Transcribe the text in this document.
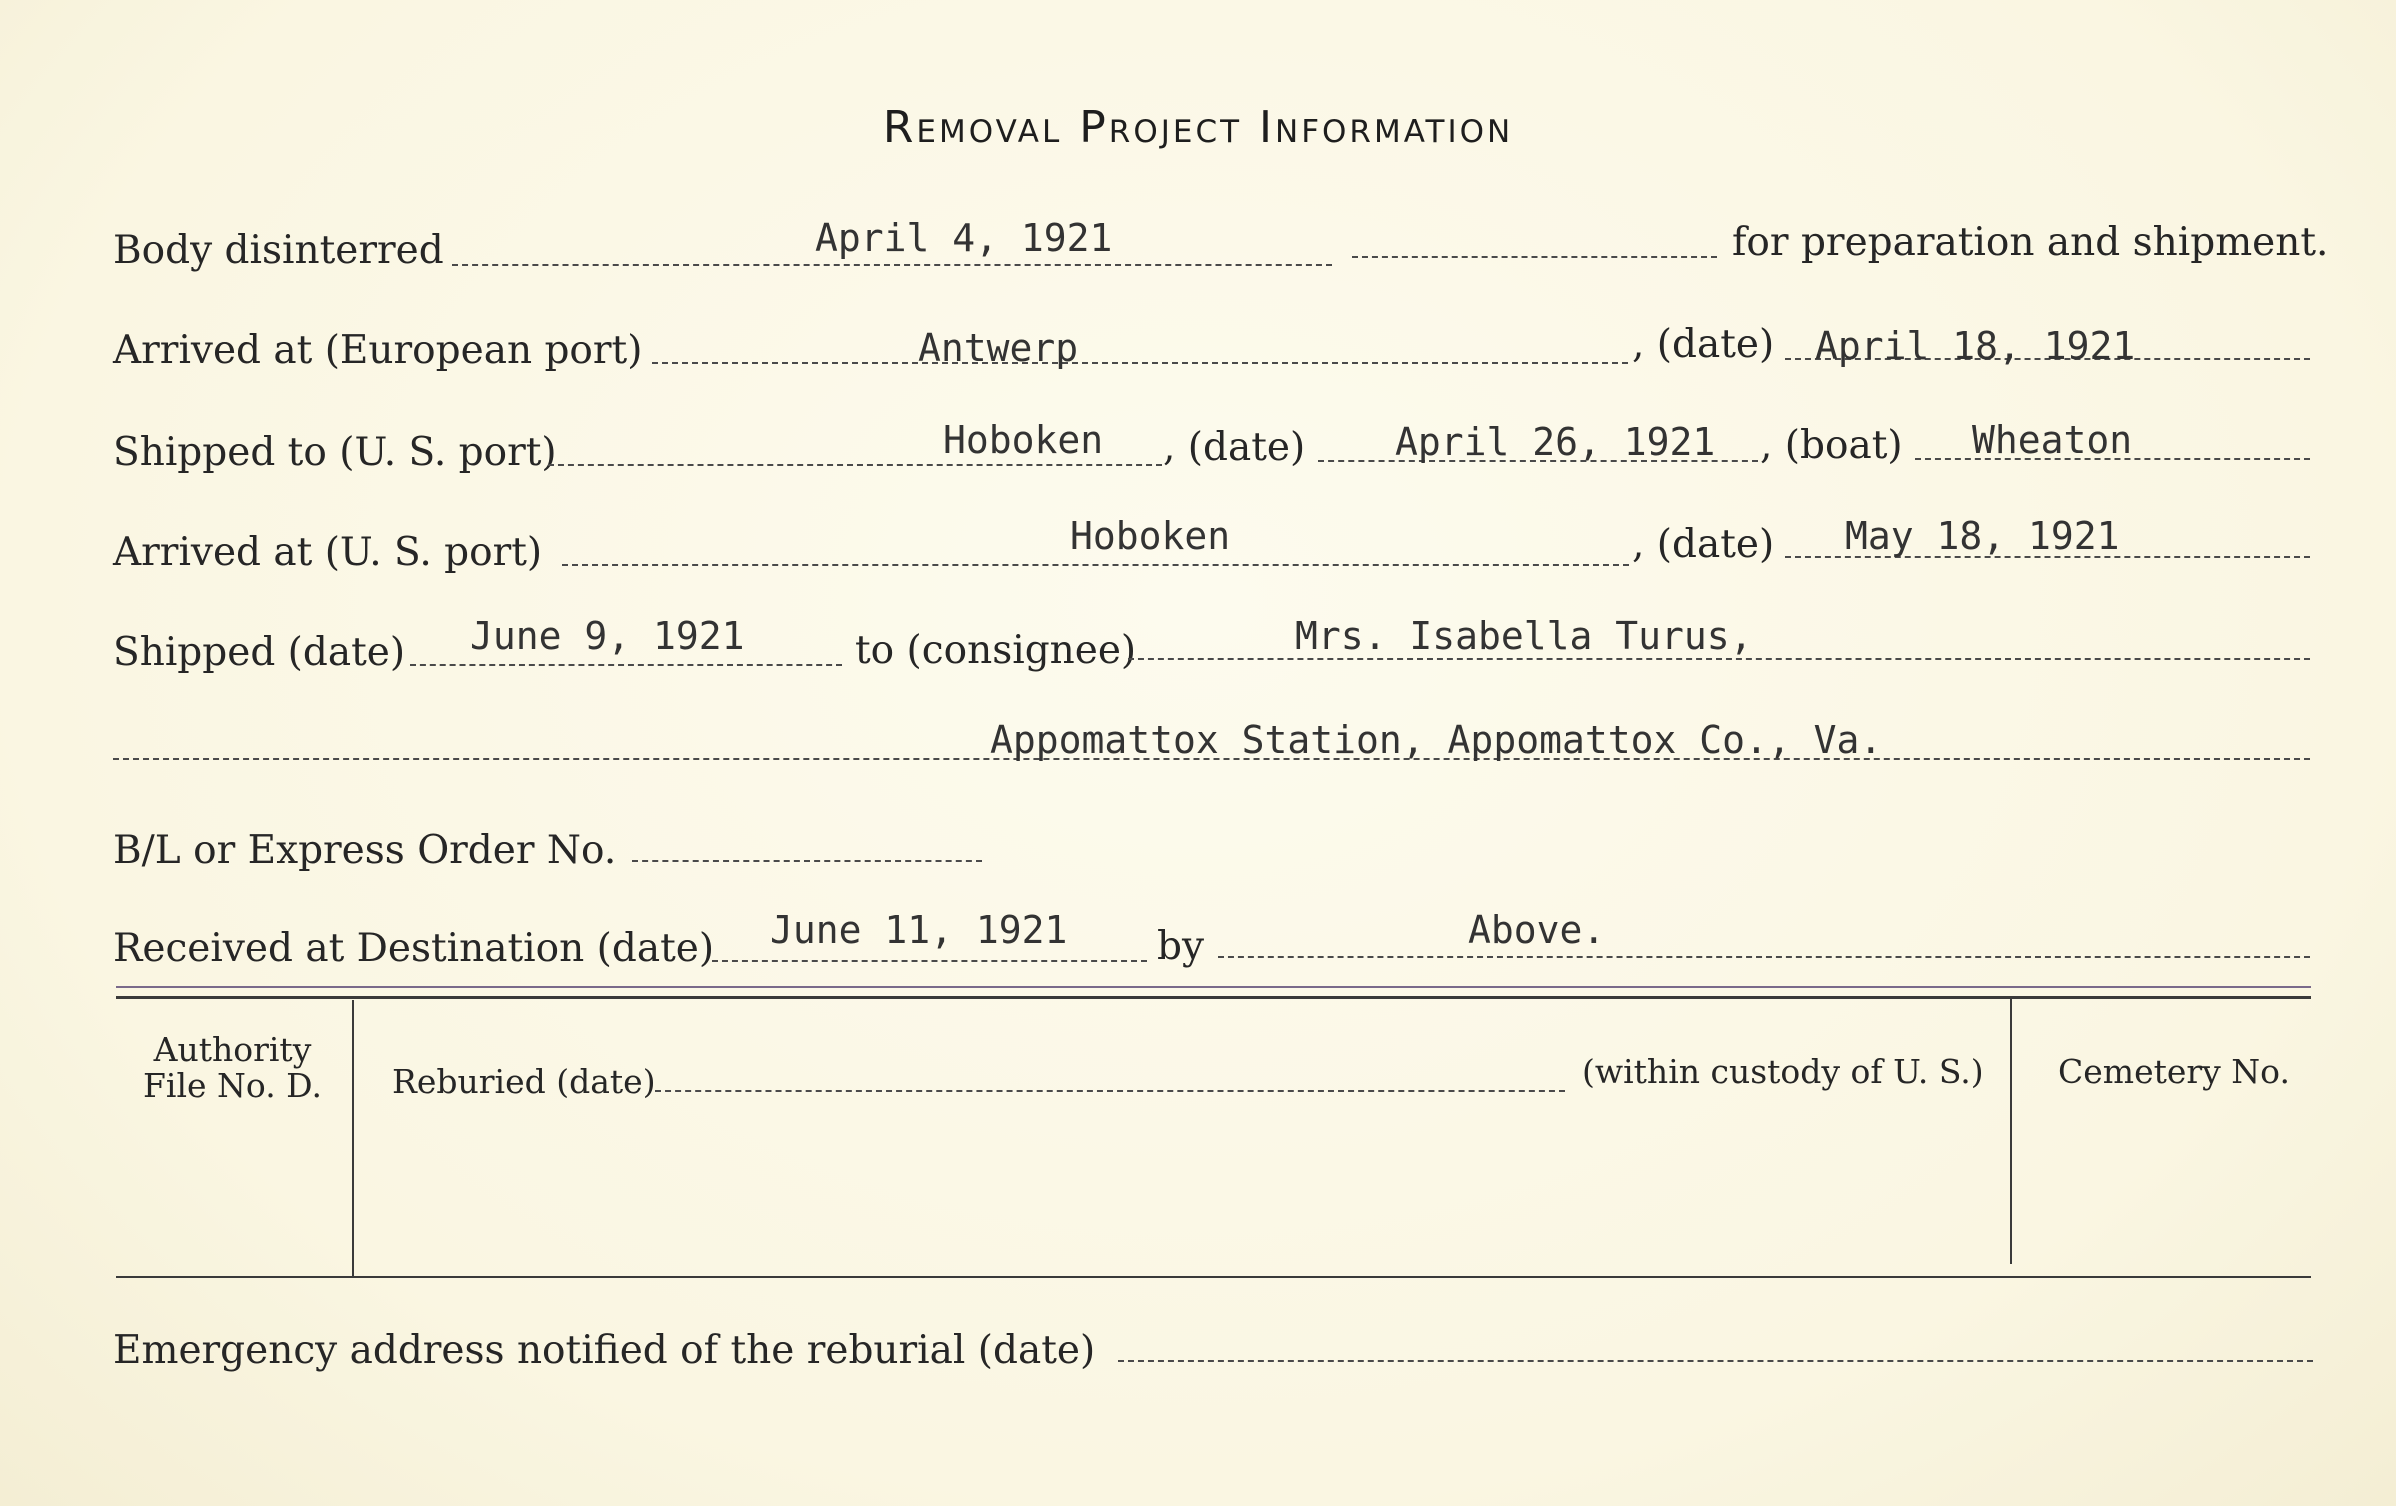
Removal Project Information
Body disinterred	April 4, 1921	for preparation and shipment.
Arrived at (European port)	Antwerp	, (date) April 18, 1921
Shipped to (U. S. port)	Hoboken , (date) April 26, 1921 , (boat) Wheaton
Arrived at (U. S. port)	Hoboken	, (date) May 18, 1921
Shipped (date) June 9, 1921	to (consignee)	Mrs. Isabella Turus,
Appomattox Station, Appomattox Co., Va.
B/L or Express Order No.
Received at Destination (date) June 11, 1921 by	Above.
Authority
File No. D.	Reburied (date)	(within custody of U. S.) Cemetery No.
Emergency address notified of the reburial (date)
